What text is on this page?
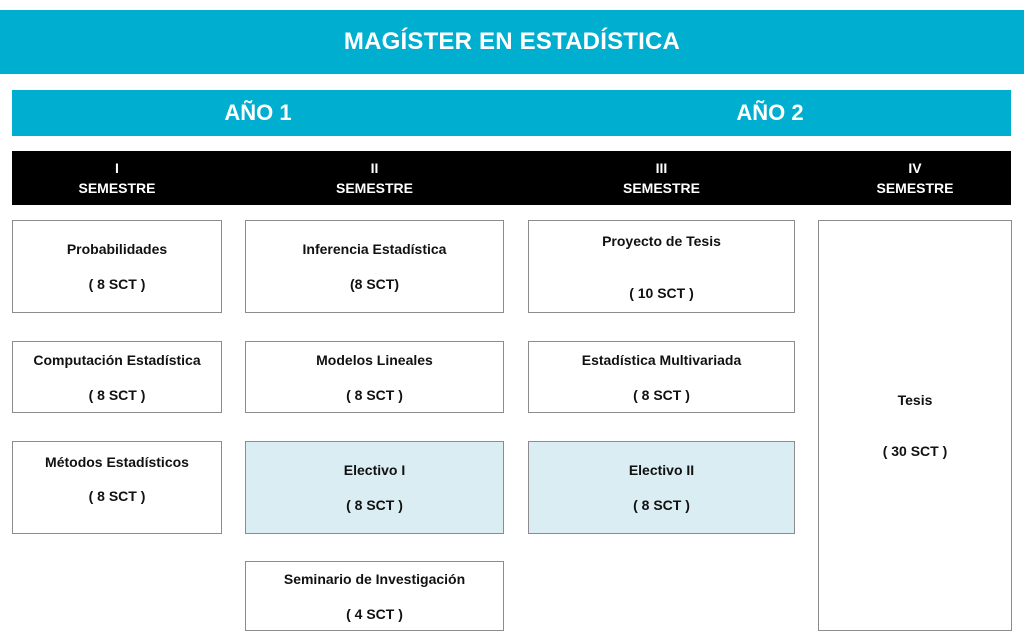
MAGÍSTER EN ESTADÍSTICA
AÑO 1	AÑO 2
I
SEMESTRE
II
SEMESTRE
III
SEMESTRE
IV
SEMESTRE
Probabilidades
( 8 SCT )
Computación Estadística
( 8 SCT )
Métodos Estadísticos
( 8 SCT )
Inferencia Estadística
(8 SCT)
Modelos Lineales
( 8 SCT )
Electivo I
( 8 SCT )
Seminario de Investigación
( 4 SCT )
Proyecto de Tesis
( 10 SCT )
Estadística Multivariada
( 8 SCT )
Electivo II
( 8 SCT )
Tesis
( 30 SCT )
